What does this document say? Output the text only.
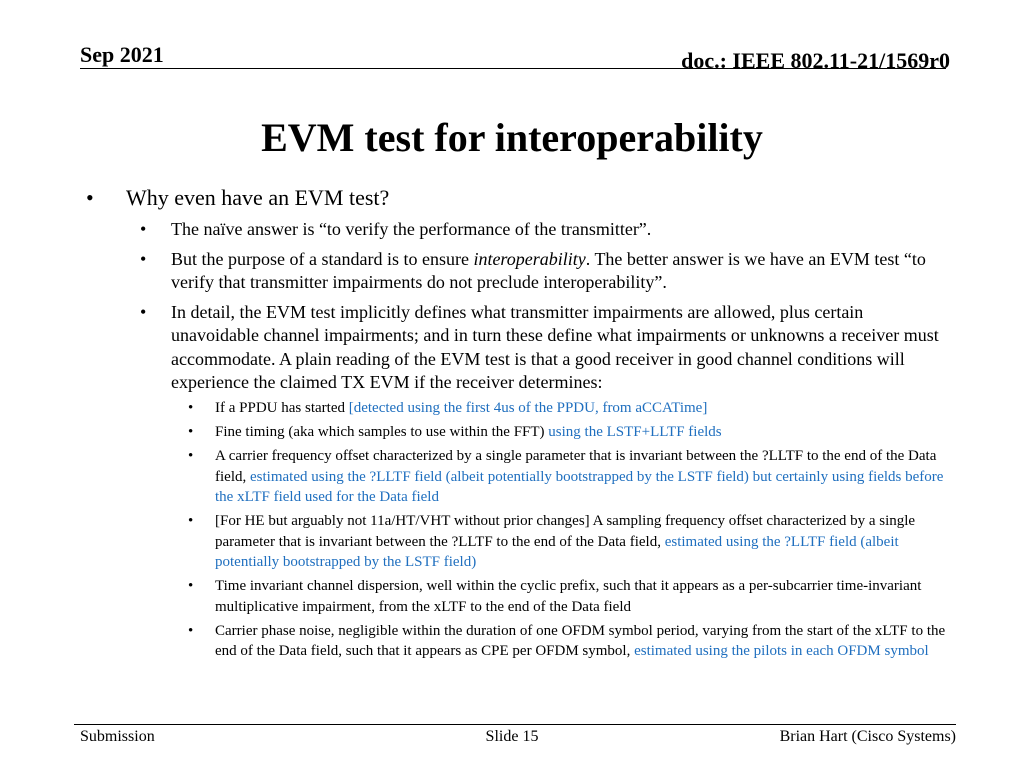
Sep 2021	doc.: IEEE 802.11-21/1569r0
EVM test for interoperability
• Why even have an EVM test?
• The naïve answer is “to verify the performance of the transmitter”.
• But the purpose of a standard is to ensure interoperability. The better answer is we have an EVM test “to verify that transmitter impairments do not preclude interoperability”.
• In detail, the EVM test implicitly defines what transmitter impairments are allowed, plus certain unavoidable channel impairments; and in turn these define what impairments or unknowns a receiver must accommodate. A plain reading of the EVM test is that a good receiver in good channel conditions will experience the claimed TX EVM if the receiver determines:
• If a PPDU has started [detected using the first 4us of the PPDU, from aCCATime]
• Fine timing (aka which samples to use within the FFT) using the LSTF+LLTF fields
• A carrier frequency offset characterized by a single parameter that is invariant between the ?LLTF to the end of the Data field, estimated using the ?LLTF field (albeit potentially bootstrapped by the LSTF field) but certainly using fields before the xLTF field used for the Data field
• [For HE but arguably not 11a/HT/VHT without prior changes] A sampling frequency offset characterized by a single parameter that is invariant between the ?LLTF to the end of the Data field, estimated using the ?LLTF field (albeit potentially bootstrapped by the LSTF field)
• Time invariant channel dispersion, well within the cyclic prefix, such that it appears as a per-subcarrier time-invariant multiplicative impairment, from the xLTF to the end of the Data field
• Carrier phase noise, negligible within the duration of one OFDM symbol period, varying from the start of the xLTF to the end of the Data field, such that it appears as CPE per OFDM symbol, estimated using the pilots in each OFDM symbol
Submission	Slide 15	Brian Hart (Cisco Systems)
